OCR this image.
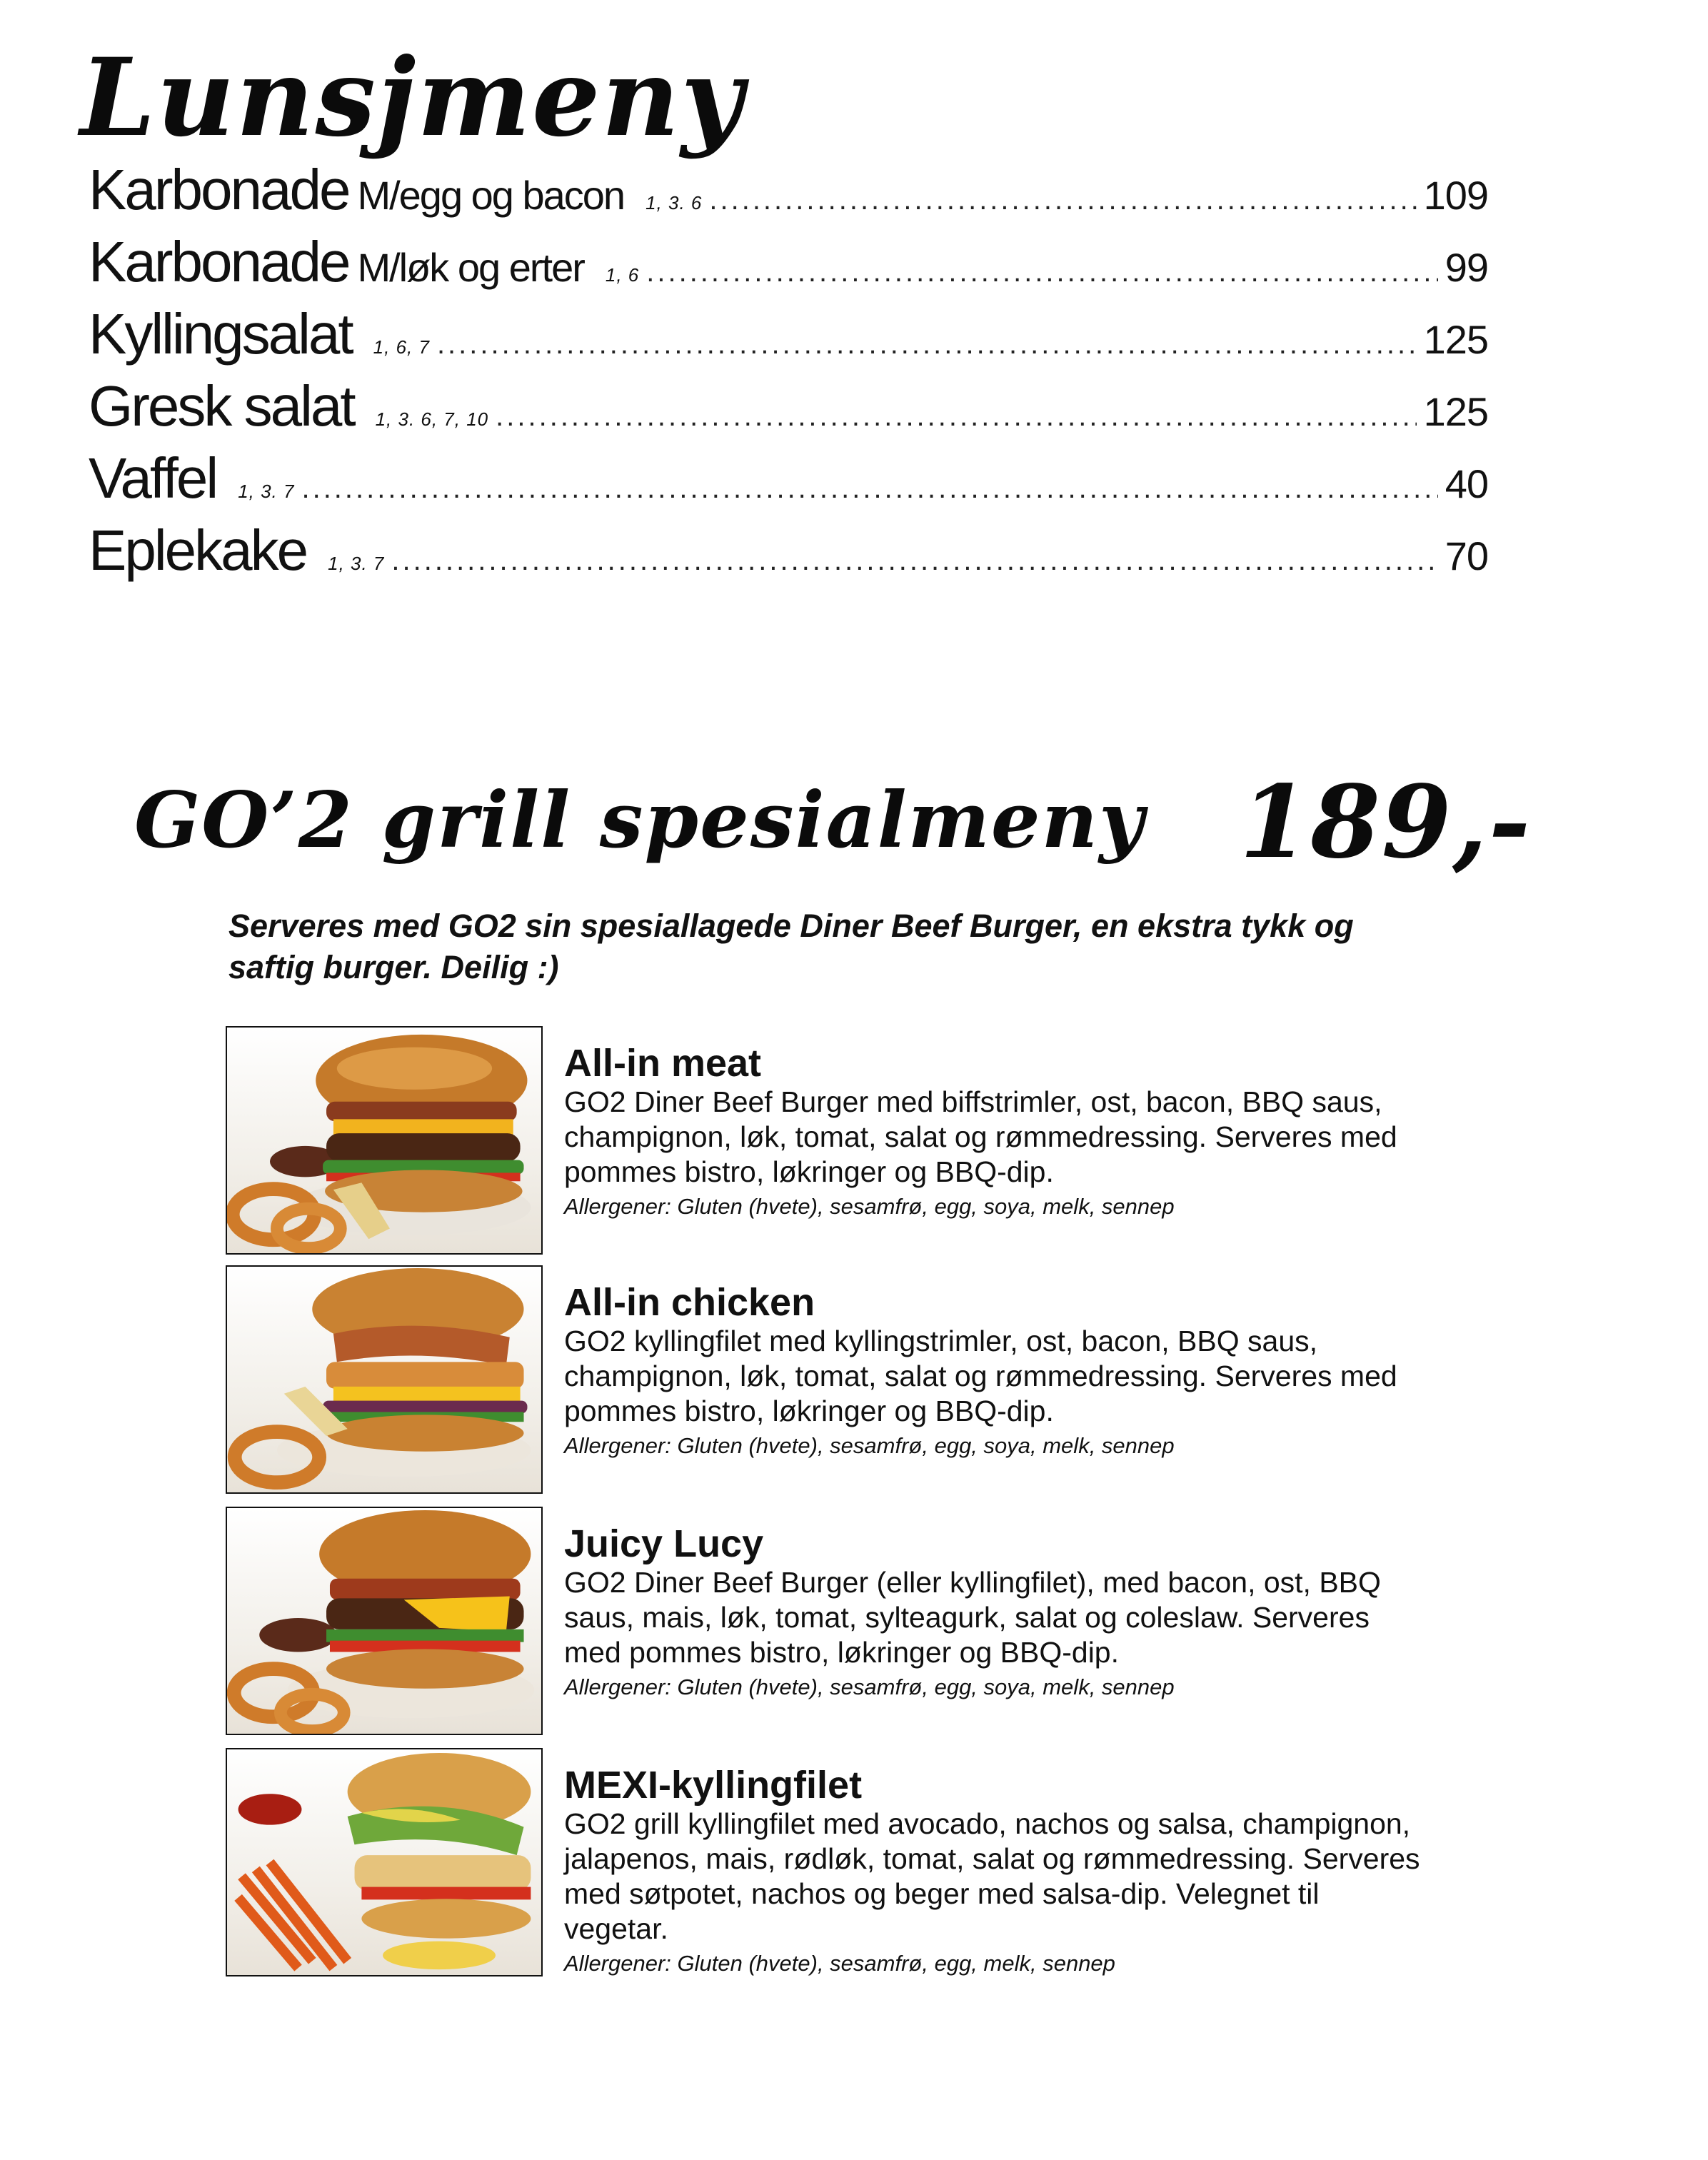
Lunsjmeny
Karbonade M/egg og bacon 1, 3. 6 .....	109
Karbonade M/løk og erter 1, 6 .....	99
Kyllingsalat 1, 6, 7 .....	125
Gresk salat 1, 3. 6, 7, 10 .....	125
Vaffel 1, 3. 7 .....	40
Eplekake 1, 3. 7 .....	70
GO’2 grill spesialmeny 189,-
Serveres med GO2 sin spesiallagede Diner Beef Burger, en ekstra tykk og saftig burger. Deilig :)
All-in meat
GO2 Diner Beef Burger med biffstrimler, ost, bacon, BBQ saus, champignon, løk, tomat, salat og rømmedressing. Serveres med pommes bistro, løkringer og BBQ-dip.
Allergener: Gluten (hvete), sesamfrø, egg, soya, melk, sennep
All-in chicken
GO2 kyllingfilet med kyllingstrimler, ost, bacon, BBQ saus, champignon, løk, tomat, salat og rømmedressing. Serveres med pommes bistro, løkringer og BBQ-dip.
Allergener: Gluten (hvete), sesamfrø, egg, soya, melk, sennep
Juicy Lucy
GO2 Diner Beef Burger (eller kyllingfilet), med bacon, ost, BBQ saus, mais, løk, tomat, sylteagurk, salat og coleslaw. Serveres med pommes bistro, løkringer og BBQ-dip.
Allergener: Gluten (hvete), sesamfrø, egg, soya, melk, sennep
MEXI-kyllingfilet
GO2 grill kyllingfilet med avocado, nachos og salsa, champignon, jalapenos, mais, rødløk, tomat, salat og rømmedressing. Serveres med søtpotet, nachos og beger med salsa-dip. Velegnet til vegetar.
Allergener: Gluten (hvete), sesamfrø, egg, melk, sennep
